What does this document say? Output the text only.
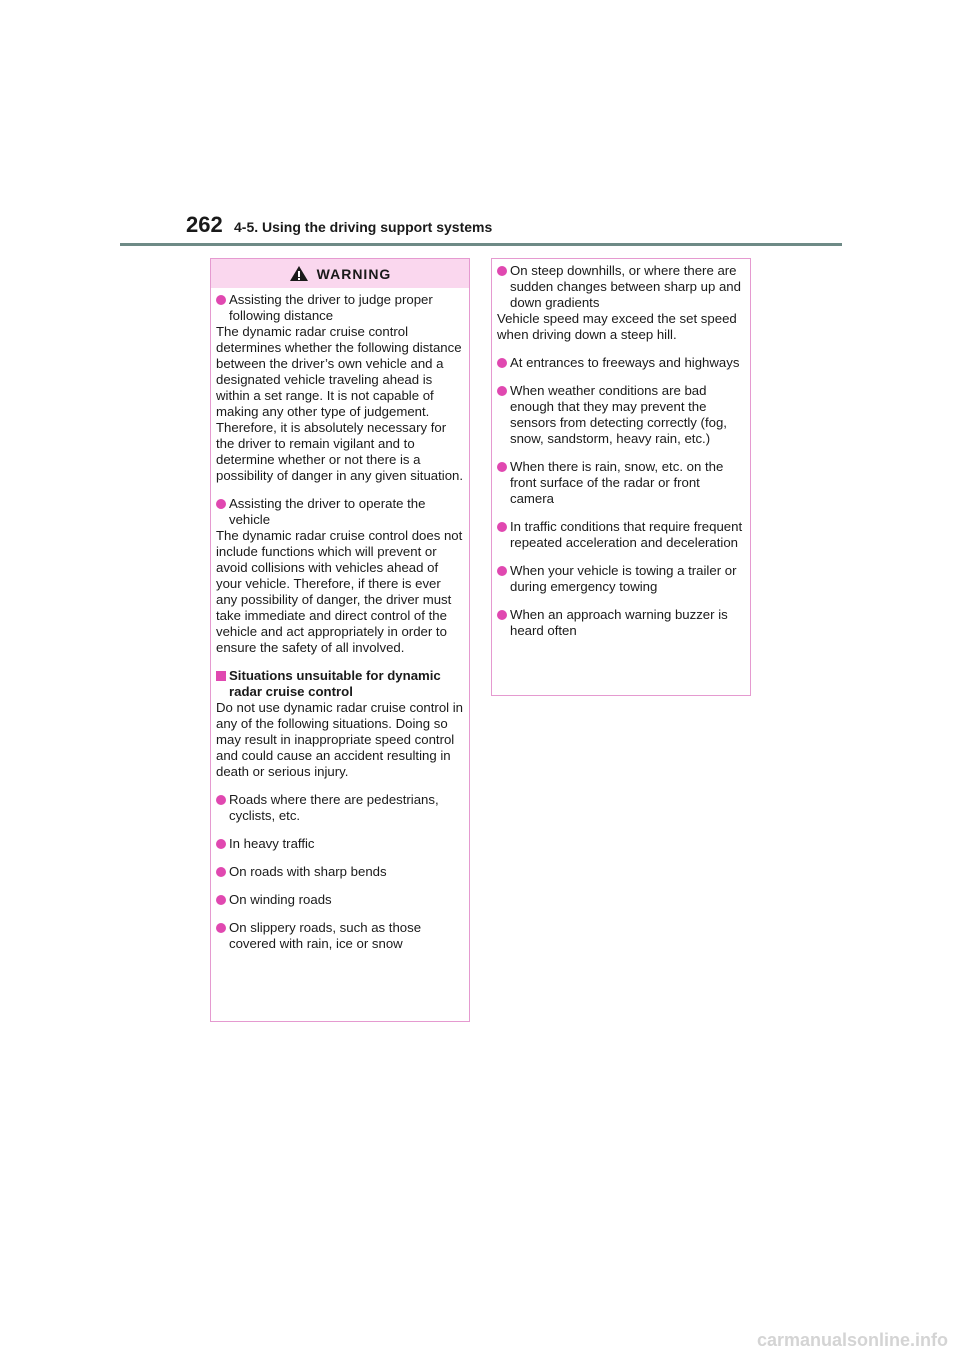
262 4-5. Using the driving support systems
WARNING
Assisting the driver to judge proper following distance
The dynamic radar cruise control determines whether the following distance between the driver’s own vehicle and a designated vehicle traveling ahead is within a set range. It is not capable of making any other type of judgement. Therefore, it is absolutely necessary for the driver to remain vigilant and to determine whether or not there is a possibility of danger in any given situation.
Assisting the driver to operate the vehicle
The dynamic radar cruise control does not include functions which will prevent or avoid collisions with vehicles ahead of your vehicle. Therefore, if there is ever any possibility of danger, the driver must take immediate and direct control of the vehicle and act appropriately in order to ensure the safety of all involved.
Situations unsuitable for dynamic radar cruise control
Do not use dynamic radar cruise control in any of the following situations. Doing so may result in inappropriate speed control and could cause an accident resulting in death or serious injury.
Roads where there are pedestrians, cyclists, etc.
In heavy traffic
On roads with sharp bends
On winding roads
On slippery roads, such as those covered with rain, ice or snow
On steep downhills, or where there are sudden changes between sharp up and down gradients
Vehicle speed may exceed the set speed when driving down a steep hill.
At entrances to freeways and highways
When weather conditions are bad enough that they may prevent the sensors from detecting correctly (fog, snow, sandstorm, heavy rain, etc.)
When there is rain, snow, etc. on the front surface of the radar or front camera
In traffic conditions that require frequent repeated acceleration and deceleration
When your vehicle is towing a trailer or during emergency towing
When an approach warning buzzer is heard often
carmanualsonline.info
